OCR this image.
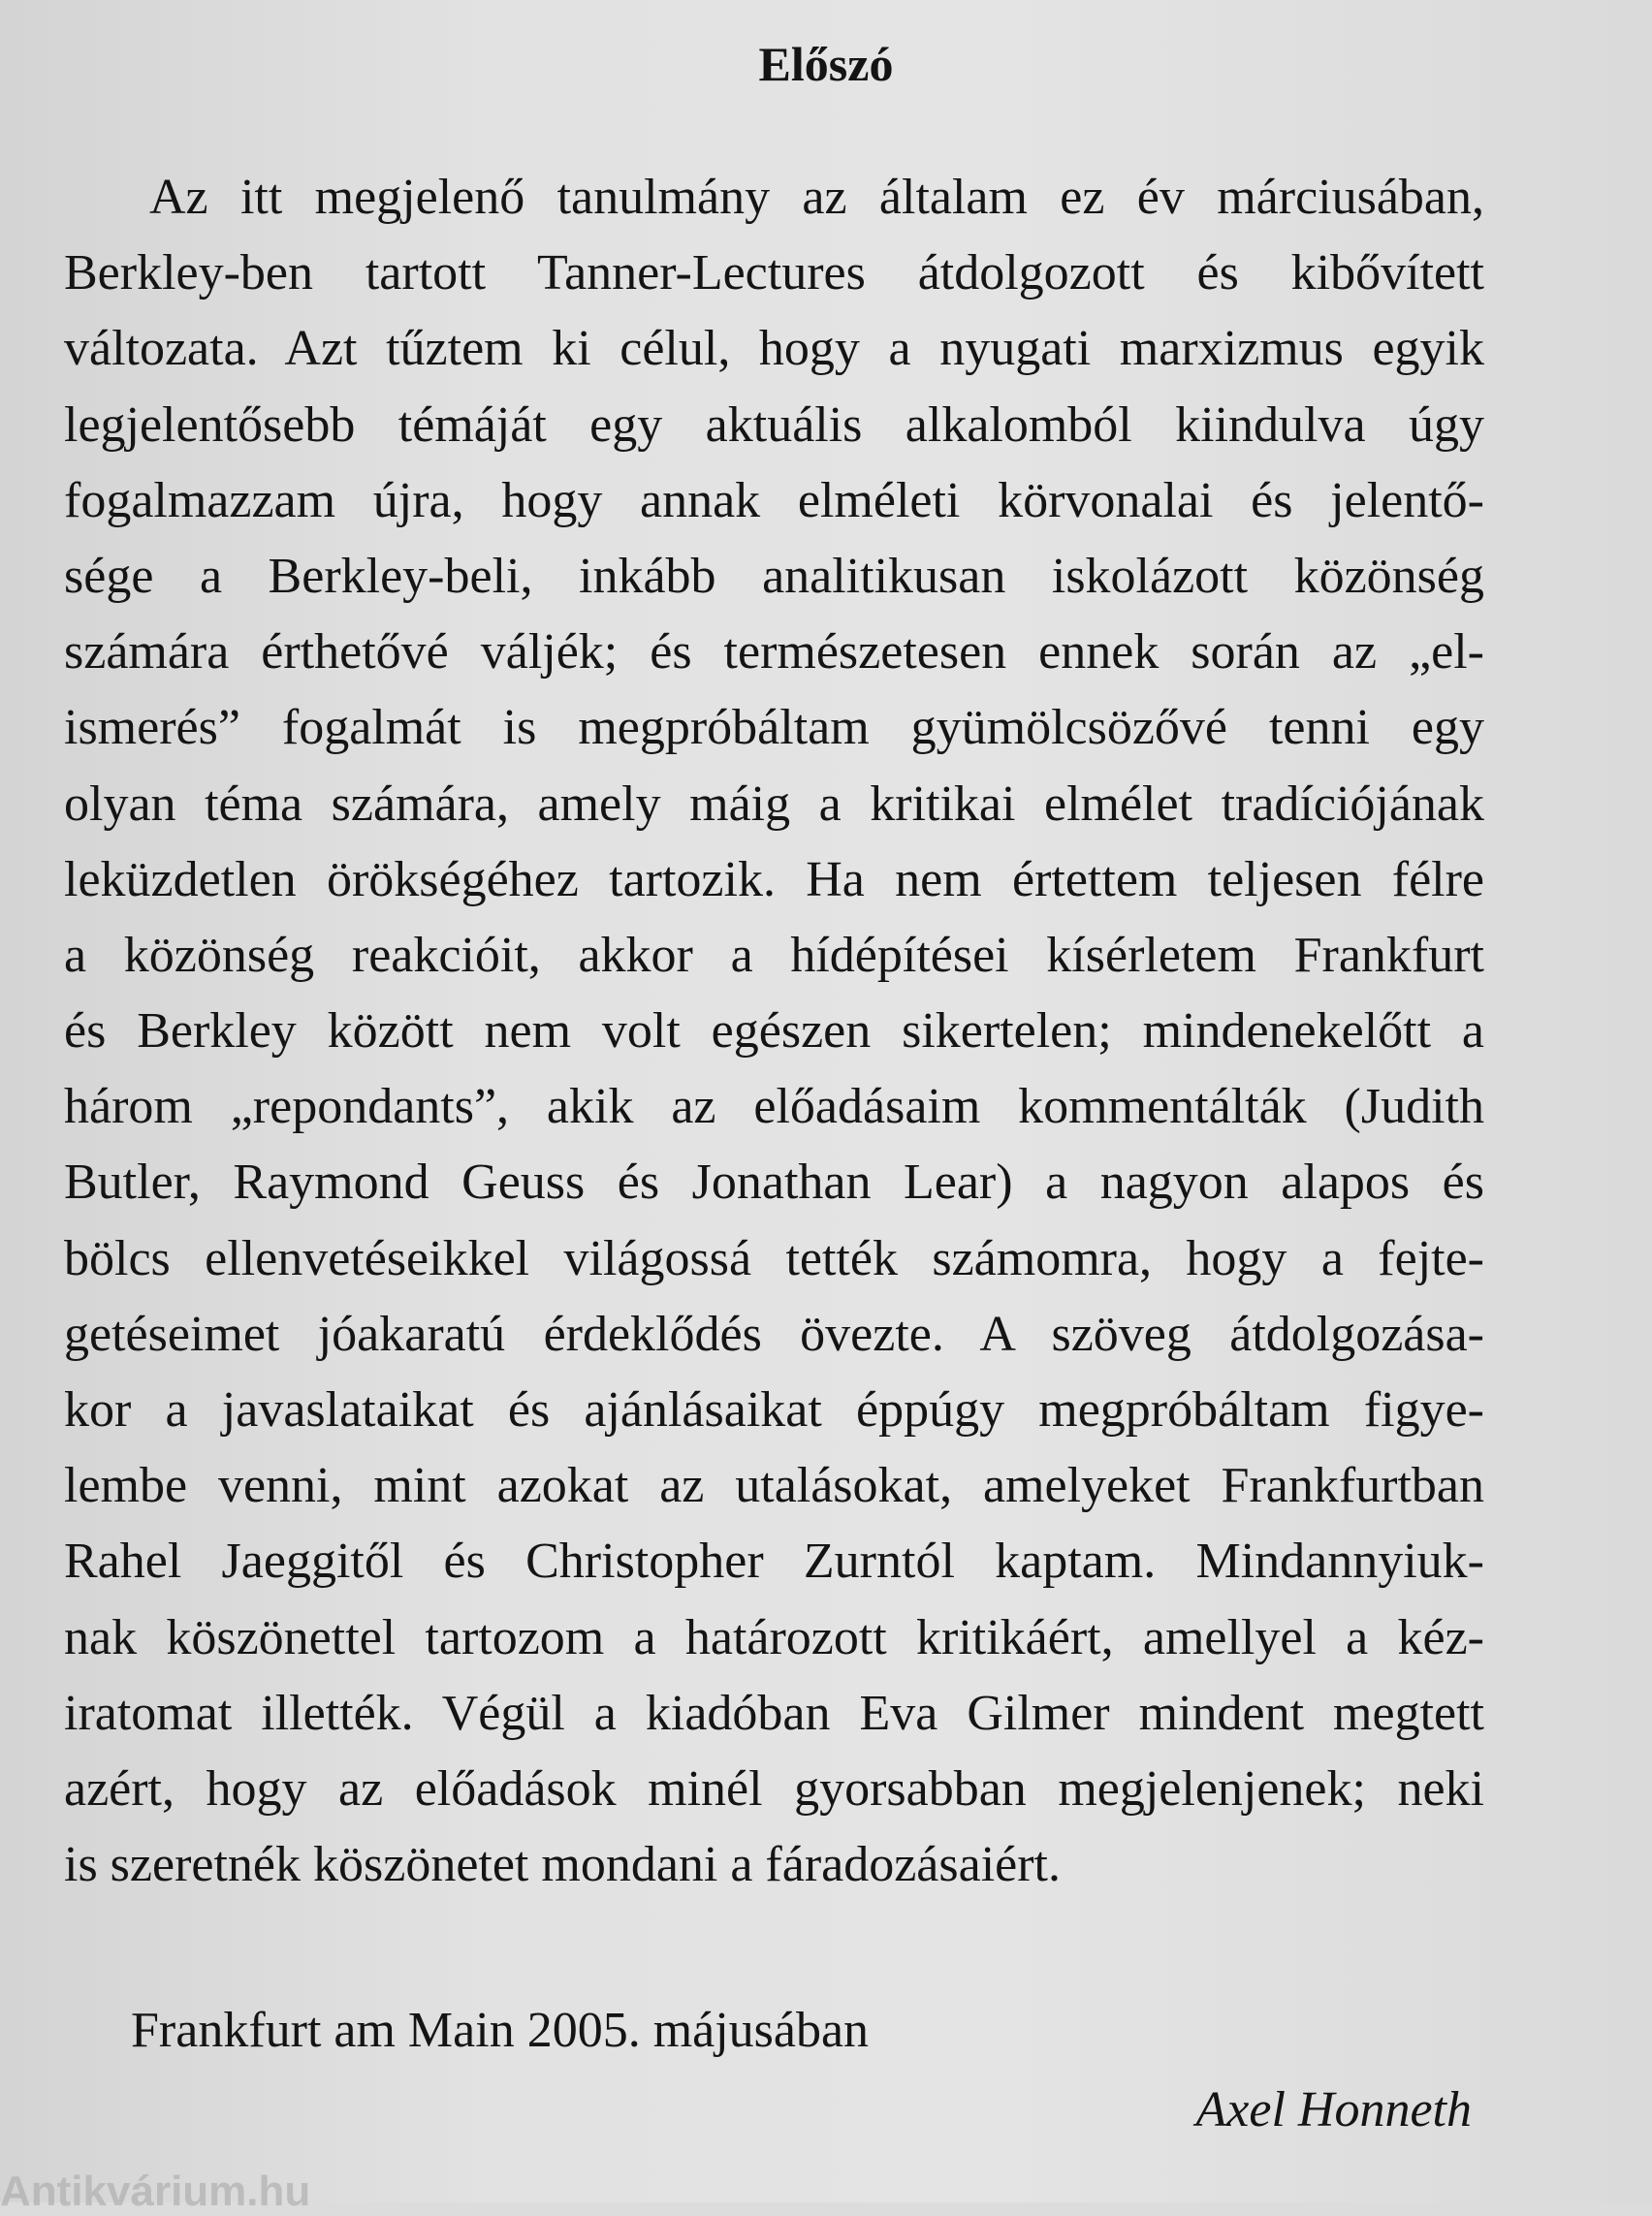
Előszó
Az itt megjelenő tanulmány az általam ez év márciusában,
Berkley-ben tartott Tanner-Lectures átdolgozott és kibővített
változata. Azt tűztem ki célul, hogy a nyugati marxizmus egyik
legjelentősebb témáját egy aktuális alkalomból kiindulva úgy
fogalmazzam újra, hogy annak elméleti körvonalai és jelentő-
sége a Berkley-beli, inkább analitikusan iskolázott közönség
számára érthetővé váljék; és természetesen ennek során az „el-
ismerés” fogalmát is megpróbáltam gyümölcsözővé tenni egy
olyan téma számára, amely máig a kritikai elmélet tradíciójának
leküzdetlen örökségéhez tartozik. Ha nem értettem teljesen félre
a közönség reakcióit, akkor a hídépítései kísérletem Frankfurt
és Berkley között nem volt egészen sikertelen; mindenekelőtt a
három „repondants”, akik az előadásaim kommentálták (Judith
Butler, Raymond Geuss és Jonathan Lear) a nagyon alapos és
bölcs ellenvetéseikkel világossá tették számomra, hogy a fejte-
getéseimet jóakaratú érdeklődés övezte. A szöveg átdolgozása-
kor a javaslataikat és ajánlásaikat éppúgy megpróbáltam figye-
lembe venni, mint azokat az utalásokat, amelyeket Frankfurtban
Rahel Jaeggitől és Christopher Zurntól kaptam. Mindannyiuk-
nak köszönettel tartozom a határozott kritikáért, amellyel a kéz-
iratomat illették. Végül a kiadóban Eva Gilmer mindent megtett
azért, hogy az előadások minél gyorsabban megjelenjenek; neki
is szeretnék köszönetet mondani a fáradozásaiért.
Frankfurt am Main 2005. májusában
Axel Honneth
Antikvárium.hu
